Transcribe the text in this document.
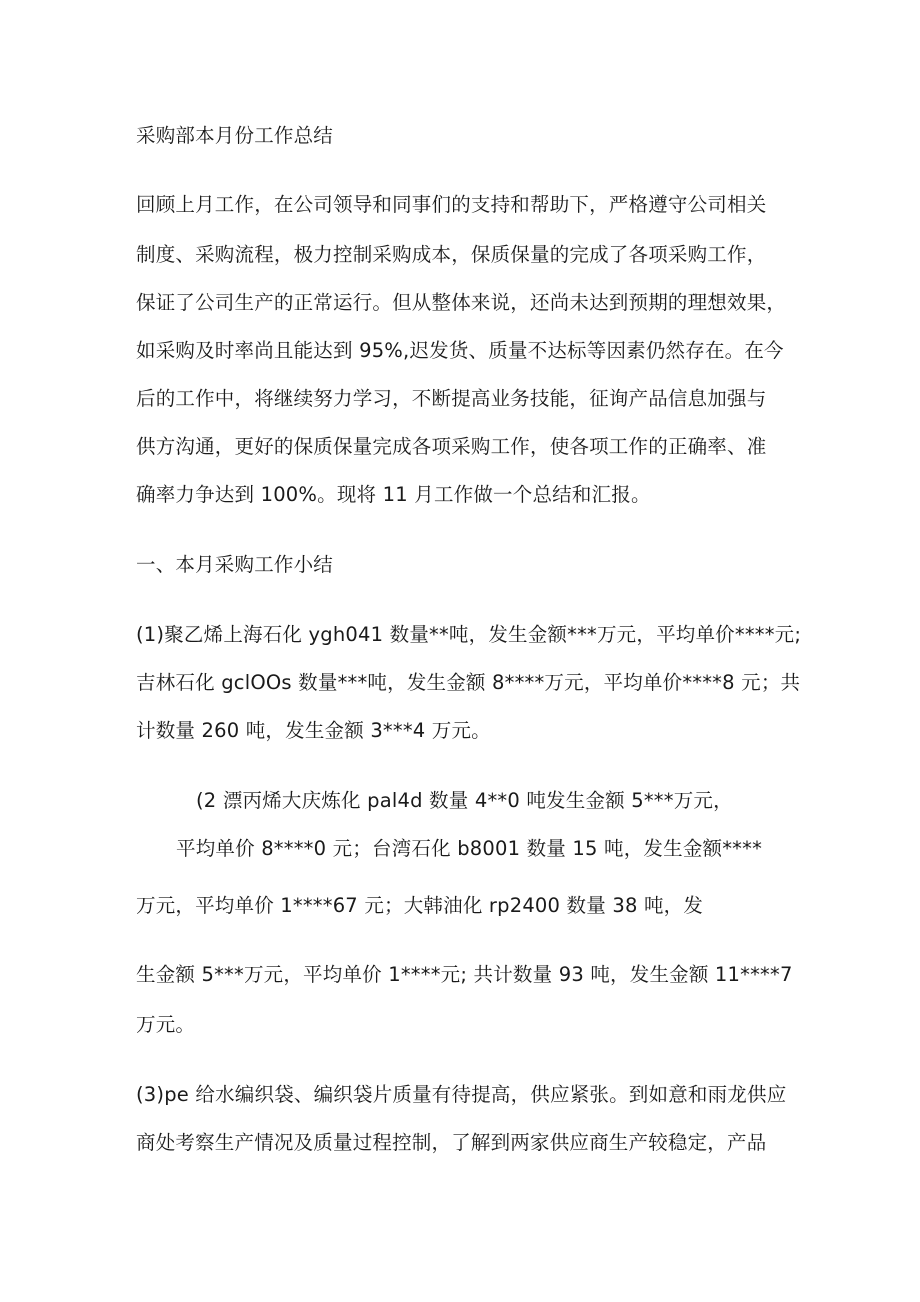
采购部本月份工作总结
回顾上月工作，在公司领导和同事们的支持和帮助下，严格遵守公司相关
制度、采购流程，极力控制采购成本，保质保量的完成了各项采购工作，
保证了公司生产的正常运行。但从整体来说，还尚未达到预期的理想效果，
如采购及时率尚且能达到 95%,迟发货、质量不达标等因素仍然存在。在今
后的工作中，将继续努力学习，不断提高业务技能，征询产品信息加强与
供方沟通，更好的保质保量完成各项采购工作，使各项工作的正确率、准
确率力争达到 100%。现将 11 月工作做一个总结和汇报。
一、本月采购工作小结
(1)聚乙烯上海石化 ygh041 数量**吨，发生金额***万元，平均单价****元;
吉林石化 gclOOs 数量***吨，发生金额 8****万元，平均单价****8 元；共
计数量 260 吨，发生金额 3***4 万元。
(2 漂丙烯大庆炼化 pal4d 数量 4**0 吨发生金额 5***万元，
平均单价 8****0 元；台湾石化 b8001 数量 15 吨，发生金额****
万元，平均单价 1****67 元；大韩油化 rp2400 数量 38 吨，发
生金额 5***万元，平均单价 1****元; 共计数量 93 吨，发生金额 11****7
万元。
(3)pe 给水编织袋、编织袋片质量有待提高，供应紧张。到如意和雨龙供应
商处考察生产情况及质量过程控制，了解到两家供应商生产较稳定，产品
